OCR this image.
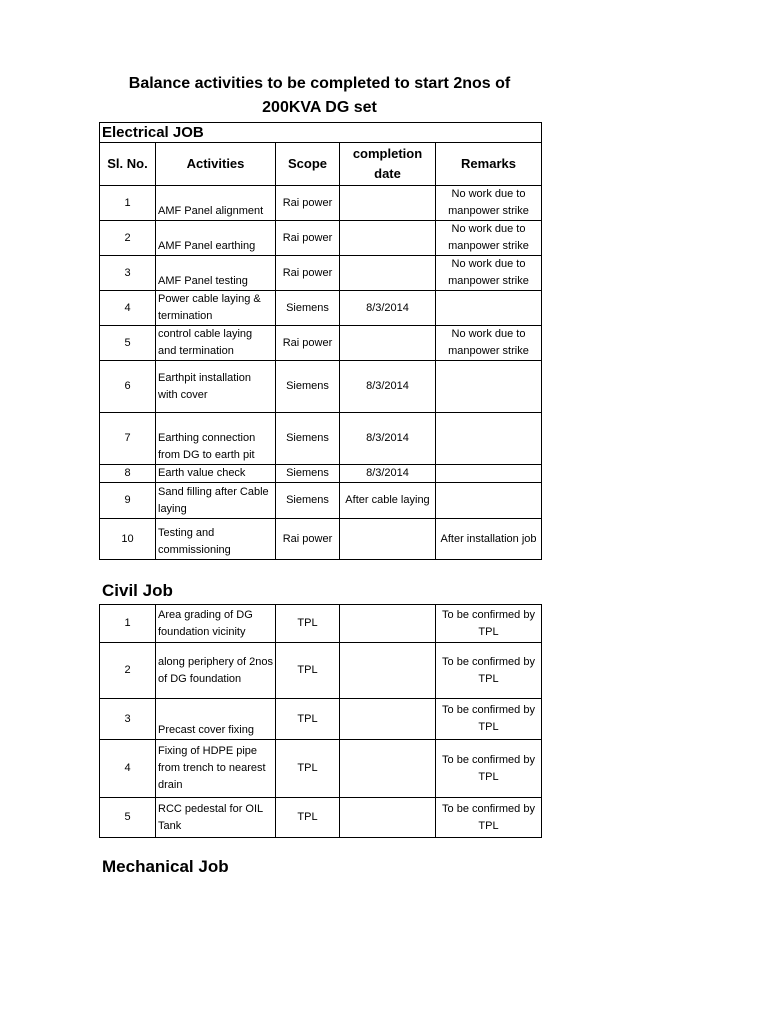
Balance activities to be completed to start 2nos of
200KVA DG set
Electrical JOB				
Sl. No.	Activities	Scope	completion date	Remarks
1	AMF Panel alignment	Rai power		No work due to manpower strike
2	AMF Panel earthing	Rai power		No work due to manpower strike
3	AMF Panel testing	Rai power		No work due to manpower strike
4	Power cable laying & termination	Siemens	8/3/2014	
5	control cable laying and termination	Rai power		No work due to manpower strike
6	Earthpit installation with cover	Siemens	8/3/2014	
7	Earthing connection from DG to earth pit	Siemens	8/3/2014	
8	Earth value check	Siemens	8/3/2014	
9	Sand filling after Cable laying	Siemens	After cable laying	
10	Testing and commissioning	Rai power		After installation job
Civil Job
1	Area grading of DG foundation vicinity	TPL		To be confirmed by TPL
2	along periphery of 2nos of DG foundation	TPL		To be confirmed by TPL
3	Precast cover fixing	TPL		To be confirmed by TPL
4	Fixing of HDPE pipe from trench to nearest drain	TPL		To be confirmed by TPL
5	RCC pedestal for OIL Tank	TPL		To be confirmed by TPL
Mechanical Job
